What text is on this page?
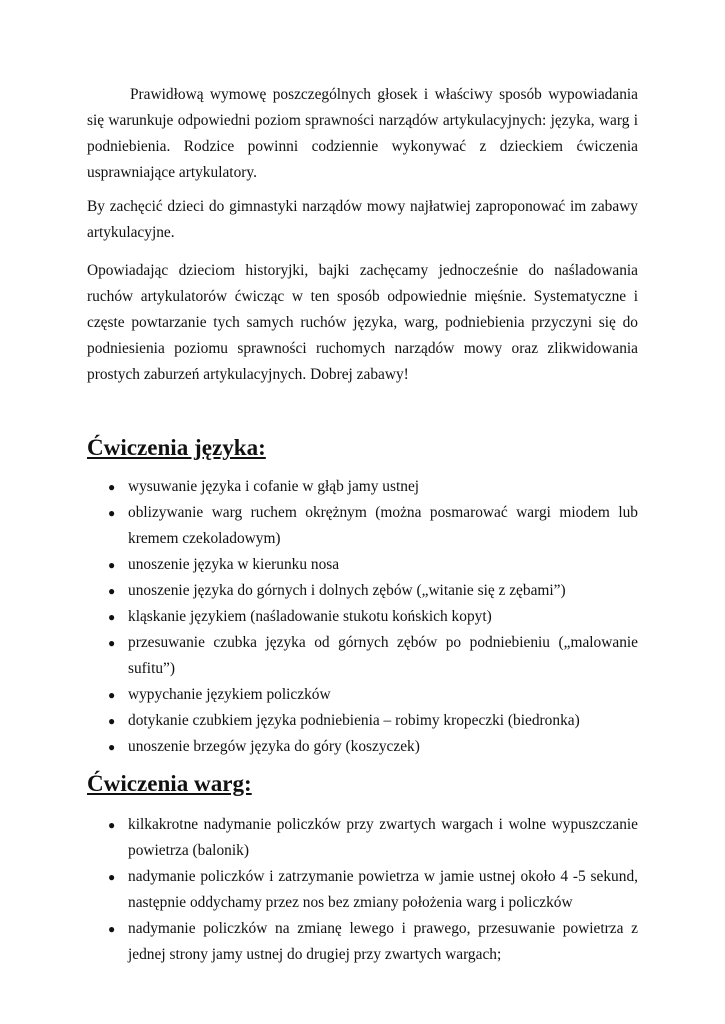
Prawidłową wymowę poszczególnych głosek i właściwy sposób wypowiadania się warunkuje odpowiedni poziom sprawności narządów artykulacyjnych: języka, warg i podniebienia. Rodzice powinni codziennie wykonywać z dzieckiem ćwiczenia usprawniające artykulatory.

By zachęcić dzieci do gimnastyki narządów mowy najłatwiej zaproponować im zabawy artykulacyjne.

Opowiadając dzieciom historyjki, bajki zachęcamy jednocześnie do naśladowania ruchów artykulatorów ćwicząc w ten sposób odpowiednie mięśnie. Systematyczne i częste powtarzanie tych samych ruchów języka, warg, podniebienia przyczyni się do podniesienia poziomu sprawności ruchomych narządów mowy oraz zlikwidowania prostych zaburzeń artykulacyjnych. Dobrej zabawy!

Ćwiczenia języka:
● wysuwanie języka i cofanie w głąb jamy ustnej
● oblizywanie warg ruchem okrężnym (można posmarować wargi miodem lub kremem czekoladowym)
● unoszenie języka w kierunku nosa
● unoszenie języka do górnych i dolnych zębów („witanie się z zębami”)
● kląskanie językiem (naśladowanie stukotu końskich kopyt)
● przesuwanie czubka języka od górnych zębów po podniebieniu („malowanie sufitu”)
● wypychanie językiem policzków
● dotykanie czubkiem języka podniebienia – robimy kropeczki (biedronka)
● unoszenie brzegów języka do góry (koszyczek)
Ćwiczenia warg:
● kilkakrotne nadymanie policzków przy zwartych wargach i wolne wypuszczanie powietrza (balonik)
● nadymanie policzków i zatrzymanie powietrza w jamie ustnej około 4 -5 sekund, następnie oddychamy przez nos bez zmiany położenia warg i policzków
● nadymanie policzków na zmianę lewego i prawego, przesuwanie powietrza z jednej strony jamy ustnej do drugiej przy zwartych wargach;
